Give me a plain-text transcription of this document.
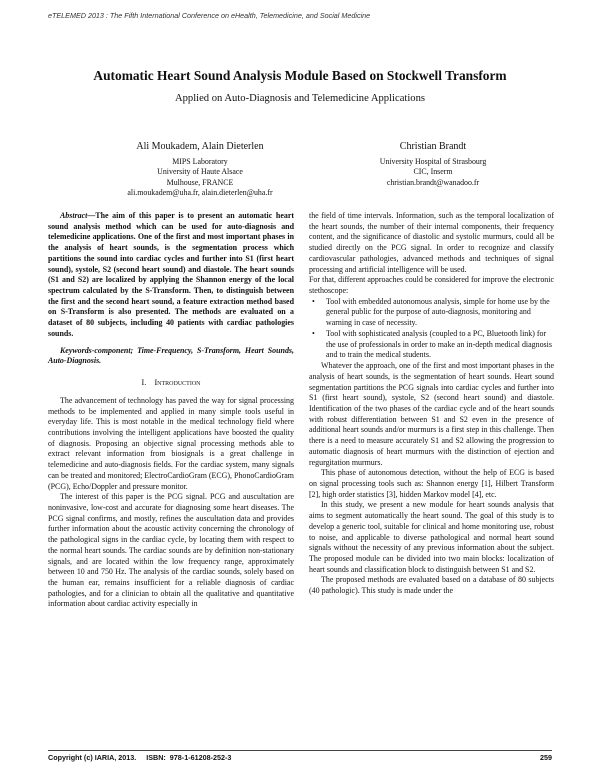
eTELEMED 2013 : The Fifth International Conference on eHealth, Telemedicine, and Social Medicine
Automatic Heart Sound Analysis Module Based on Stockwell Transform
Applied on Auto-Diagnosis and Telemedicine Applications
Ali Moukadem, Alain Dieterlen
MIPS Laboratory
University of Haute Alsace
Mulhouse, FRANCE
ali.moukadem@uha.fr, alain.dieterlen@uha.fr
Christian Brandt
University Hospital of Strasbourg
CIC, Inserm
christian.brandt@wanadoo.fr

Abstract—The aim of this paper is to present an automatic heart sound analysis method which can be used for auto-diagnosis and telemedicine applications. One of the first and most important phases in the analysis of heart sounds, is the segmentation process which partitions the sound into cardiac cycles and further into S1 (first heart sound), systole, S2 (second heart sound) and diastole. The heart sounds (S1 and S2) are localized by applying the Shannon energy of the local spectrum calculated by the S-Transform. Then, to distinguish between the first and the second heart sound, a feature extraction method based on S-Transform is also presented. The methods are evaluated on a dataset of 80 subjects, including 40 patients with cardiac pathologies sounds.

Keywords-component; Time-Frequency, S-Transform, Heart Sounds, Auto-Diagnosis.

I. Introduction

The advancement of technology has paved the way for signal processing methods to be implemented and applied in many simple tools useful in everyday life. This is most notable in the medical technology field where contributions involving the intelligent applications have boosted the quality of diagnosis. Proposing an objective signal processing methods able to extract relevant information from biosignals is a great challenge in telemedicine and auto-diagnosis fields. For the cardiac system, many signals can be treated and monitored; ElectroCardioGram (ECG), PhonoCardioGram (PCG), Echo/Doppler and pressure monitor.

The interest of this paper is the PCG signal. PCG and auscultation are noninvasive, low-cost and accurate for diagnosing some heart diseases. The PCG signal confirms, and mostly, refines the auscultation data and provides further information about the acoustic activity concerning the chronology of the pathological signs in the cardiac cycle, by locating them with respect to the normal heart sounds. The cardiac sounds are by definition non-stationary signals, and are located within the low frequency range, approximately between 10 and 750 Hz. The analysis of the cardiac sounds, solely based on the human ear, remains insufficient for a reliable diagnosis of cardiac pathologies, and for a clinician to obtain all the qualitative and quantitative information about cardiac activity especially in

the field of time intervals. Information, such as the temporal localization of the heart sounds, the number of their internal components, their frequency content, and the significance of diastolic and systolic murmurs, could all be studied directly on the PCG signal. In order to recognize and classify cardiovascular pathologies, advanced methods and techniques of signal processing and artificial intelligence will be used.

For that, different approaches could be considered for improve the electronic stethoscope:

• Tool with embedded autonomous analysis, simple for home use by the general public for the purpose of auto-diagnosis, monitoring and warning in case of necessity.
• Tool with sophisticated analysis (coupled to a PC, Bluetooth link) for the use of professionals in order to make an in-depth medical diagnosis and to train the medical students.

Whatever the approach, one of the first and most important phases in the analysis of heart sounds, is the segmentation of heart sounds. Heart sound segmentation partitions the PCG signals into cardiac cycles and further into S1 (first heart sound), systole, S2 (second heart sound) and diastole. Identification of the two phases of the cardiac cycle and of the heart sounds with robust differentiation between S1 and S2 even in the presence of additional heart sounds and/or murmurs is a first step in this challenge. Then there is a need to measure accurately S1 and S2 allowing the progression to automatic diagnosis of heart murmurs with the distinction of ejection and regurgitation murmurs.

This phase of autonomous detection, without the help of ECG is based on signal processing tools such as: Shannon energy [1], Hilbert Transform [2], high order statistics [3], hidden Markov model [4], etc.

In this study, we present a new module for heart sounds analysis that aims to segment automatically the heart sound. The goal of this study is to develop a generic tool, suitable for clinical and home monitoring use, robust to noise, and applicable to diverse pathological and normal heart sound signals without the necessity of any previous information about the subject. The proposed module can be divided into two main blocks: localization of heart sounds and classification block to distinguish between S1 and S2.

The proposed methods are evaluated based on a database of 80 subjects (40 pathologic). This study is made under the

Copyright (c) IARIA, 2013.     ISBN:  978-1-61208-252-3	259
